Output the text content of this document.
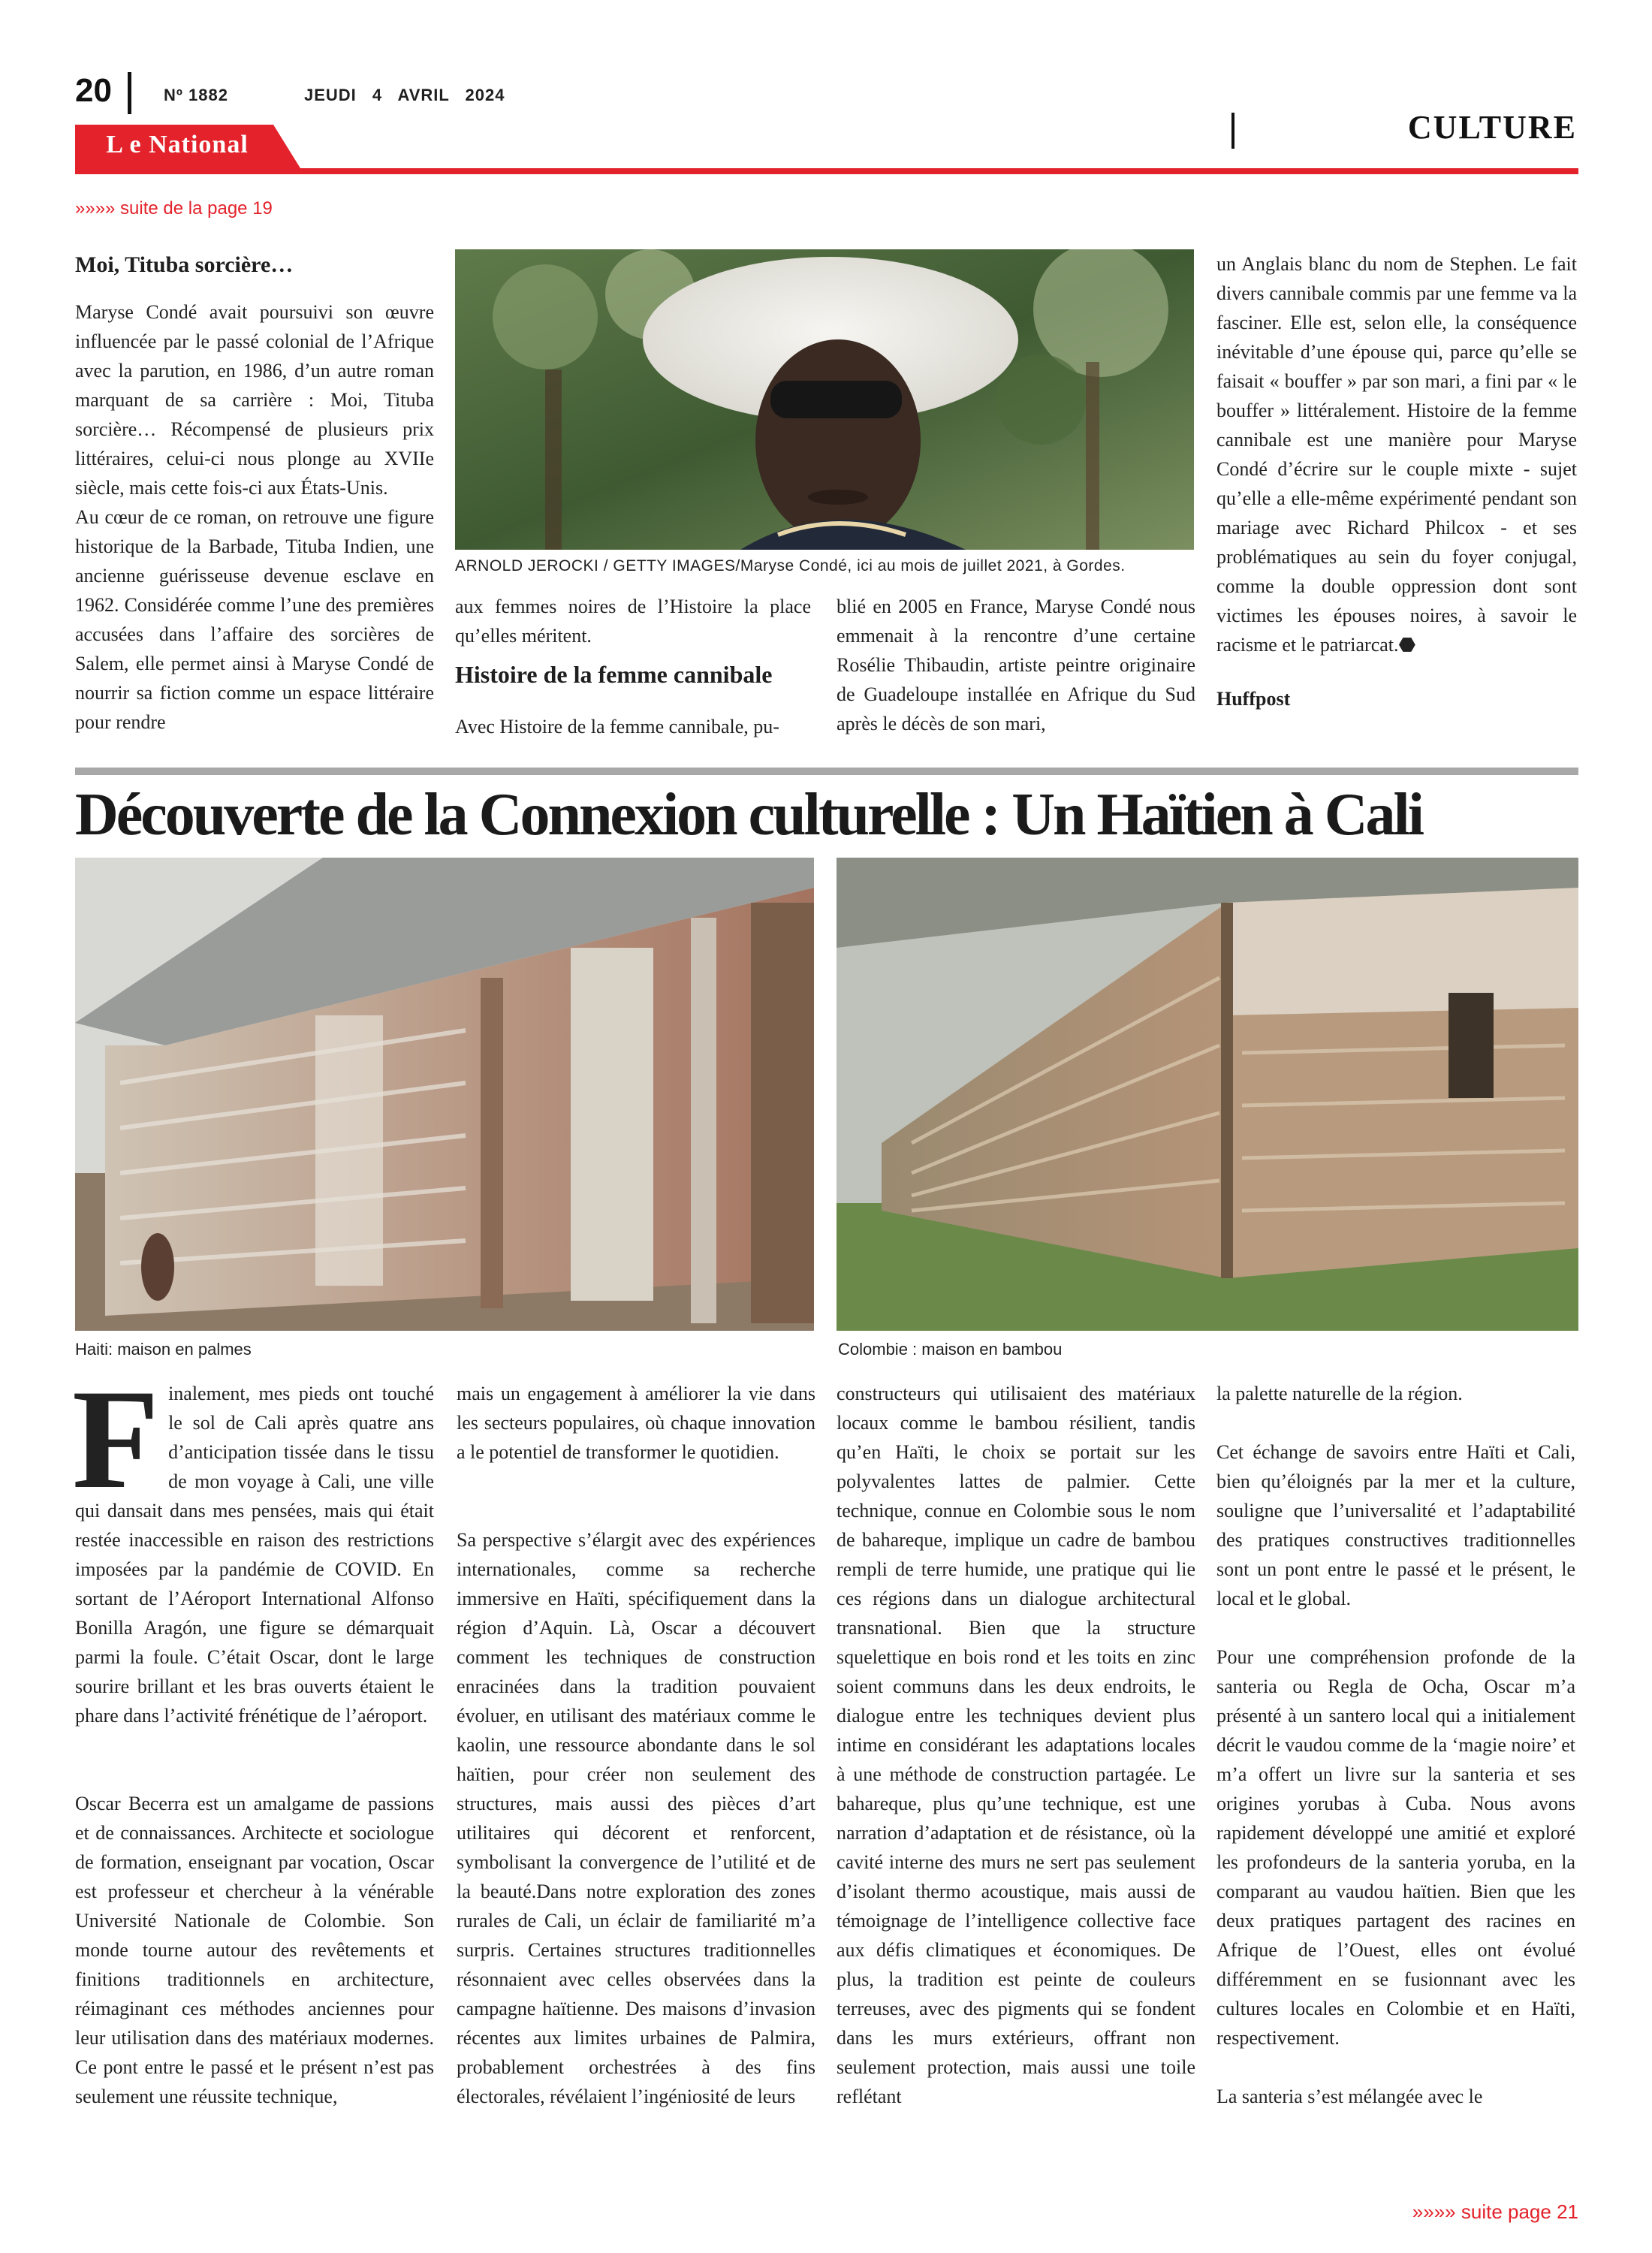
20	Nº 1882	JEUDI 4 AVRIL 2024
CULTURE
L e National
»»»» suite de la page 19
Moi, Tituba sorcière…

Maryse Condé avait poursuivi son œuvre influencée par le passé colonial de l’Afrique avec la parution, en 1986, d’un autre roman marquant de sa carrière : Moi, Tituba sorcière… Récompensé de plusieurs prix littéraires, celui-ci nous plonge au XVIIe siècle, mais cette fois-ci aux États-Unis.

Au cœur de ce roman, on retrouve une figure historique de la Barbade, Tituba Indien, une ancienne guérisseuse devenue esclave en 1962. Considérée comme l’une des premières accusées dans l’affaire des sorcières de Salem, elle permet ainsi à Maryse Condé de nourrir sa fiction comme un espace littéraire pour rendre

ARNOLD JEROCKI / GETTY IMAGES/Maryse Condé, ici au mois de juillet 2021, à Gordes.

aux femmes noires de l’Histoire la place qu’elles méritent.

Histoire de la femme cannibale

Avec Histoire de la femme cannibale, pu-

blié en 2005 en France, Maryse Condé nous emmenait à la rencontre d’une certaine Rosélie Thibaudin, artiste peintre originaire de Guadeloupe installée en Afrique du Sud après le décès de son mari,

un Anglais blanc du nom de Stephen. Le fait divers cannibale commis par une femme va la fasciner. Elle est, selon elle, la conséquence inévitable d’une épouse qui, parce qu’elle se faisait « bouffer » par son mari, a fini par « le bouffer » littéralement. Histoire de la femme cannibale est une manière pour Maryse Condé d’écrire sur le couple mixte - sujet qu’elle a elle-même expérimenté pendant son mariage avec Richard Philcox - et ses problématiques au sein du foyer conjugal, comme la double oppression dont sont victimes les épouses noires, à savoir le racisme et le patriarcat.⬣

Huffpost
Découverte de la Connexion culturelle : Un Haïtien à Cali
Haiti: maison en palmes	Colombie : maison en bambou

Finalement, mes pieds ont touché le sol de Cali après quatre ans d’anticipation tissée dans le tissu de mon voyage à Cali, une ville qui dansait dans mes pensées, mais qui était restée inaccessible en raison des restrictions imposées par la pandémie de COVID. En sortant de l’Aéroport International Alfonso Bonilla Aragón, une figure se démarquait parmi la foule. C’était Oscar, dont le large sourire brillant et les bras ouverts étaient le phare dans l’activité frénétique de l’aéroport.

Oscar Becerra est un amalgame de passions et de connaissances. Architecte et sociologue de formation, enseignant par vocation, Oscar est professeur et chercheur à la vénérable Université Nationale de Colombie. Son monde tourne autour des revêtements et finitions traditionnels en architecture, réimaginant ces méthodes anciennes pour leur utilisation dans des matériaux modernes. Ce pont entre le passé et le présent n’est pas seulement une réussite technique,

mais un engagement à améliorer la vie dans les secteurs populaires, où chaque innovation a le potentiel de transformer le quotidien.

Sa perspective s’élargit avec des expériences internationales, comme sa recherche immersive en Haïti, spécifiquement dans la région d’Aquin. Là, Oscar a découvert comment les techniques de construction enracinées dans la tradition pouvaient évoluer, en utilisant des matériaux comme le kaolin, une ressource abondante dans le sol haïtien, pour créer non seulement des structures, mais aussi des pièces d’art utilitaires qui décorent et renforcent, symbolisant la convergence de l’utilité et de la beauté.Dans notre exploration des zones rurales de Cali, un éclair de familiarité m’a surpris. Certaines structures traditionnelles résonnaient avec celles observées dans la campagne haïtienne. Des maisons d’invasion récentes aux limites urbaines de Palmira, probablement orchestrées à des fins électorales, révélaient l’ingéniosité de leurs

constructeurs qui utilisaient des matériaux locaux comme le bambou résilient, tandis qu’en Haïti, le choix se portait sur les polyvalentes lattes de palmier. Cette technique, connue en Colombie sous le nom de bahareque, implique un cadre de bambou rempli de terre humide, une pratique qui lie ces régions dans un dialogue architectural transnational. Bien que la structure squelettique en bois rond et les toits en zinc soient communs dans les deux endroits, le dialogue entre les techniques devient plus intime en considérant les adaptations locales à une méthode de construction partagée. Le bahareque, plus qu’une technique, est une narration d’adaptation et de résistance, où la cavité interne des murs ne sert pas seulement d’isolant thermo acoustique, mais aussi de témoignage de l’intelligence collective face aux défis climatiques et économiques. De plus, la tradition est peinte de couleurs terreuses, avec des pigments qui se fondent dans les murs extérieurs, offrant non seulement protection, mais aussi une toile reflétant

la palette naturelle de la région.

Cet échange de savoirs entre Haïti et Cali, bien qu’éloignés par la mer et la culture, souligne que l’universalité et l’adaptabilité des pratiques constructives traditionnelles sont un pont entre le passé et le présent, le local et le global.

Pour une compréhension profonde de la santeria ou Regla de Ocha, Oscar m’a présenté à un santero local qui a initialement décrit le vaudou comme de la ‘magie noire’ et m’a offert un livre sur la santeria et ses origines yorubas à Cuba. Nous avons rapidement développé une amitié et exploré les profondeurs de la santeria yoruba, en la comparant au vaudou haïtien. Bien que les deux pratiques partagent des racines en Afrique de l’Ouest, elles ont évolué différemment en se fusionnant avec les cultures locales en Colombie et en Haïti, respectivement.

La santeria s’est mélangée avec le

»»»» suite page 21
